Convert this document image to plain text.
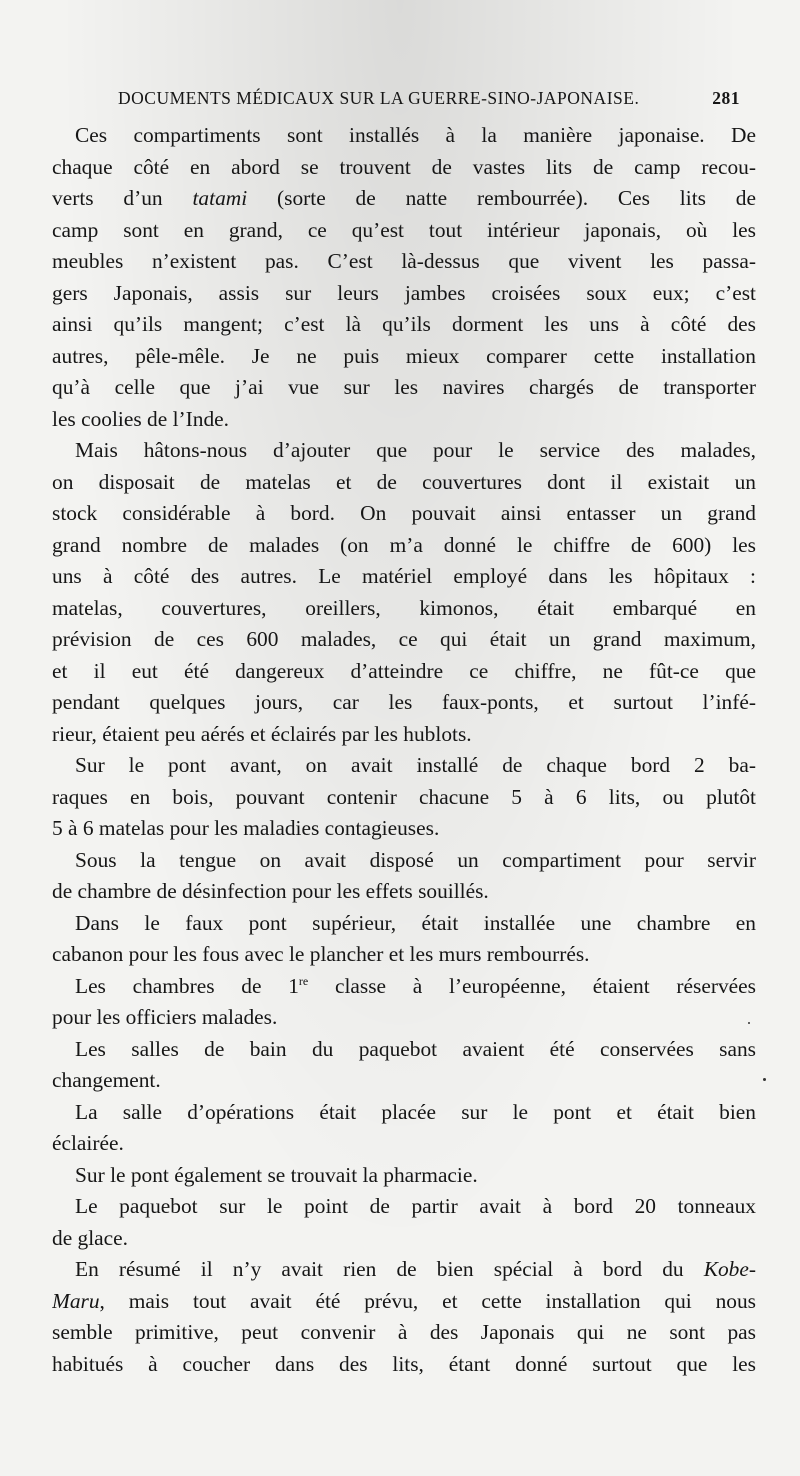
DOCUMENTS MÉDICAUX SUR LA GUERRE-SINO-JAPONAISE.	281
Ces compartiments sont installés à la manière japonaise. De
chaque côté en abord se trouvent de vastes lits de camp recou-
verts d’un tatami (sorte de natte rembourrée). Ces lits de
camp sont en grand, ce qu’est tout intérieur japonais, où les
meubles n’existent pas. C’est là-dessus que vivent les passa-
gers Japonais, assis sur leurs jambes croisées soux eux; c’est
ainsi qu’ils mangent; c’est là qu’ils dorment les uns à côté des
autres, pêle-mêle. Je ne puis mieux comparer cette installation
qu’à celle que j’ai vue sur les navires chargés de transporter
les coolies de l’Inde.
Mais hâtons-nous d’ajouter que pour le service des malades,
on disposait de matelas et de couvertures dont il existait un
stock considérable à bord. On pouvait ainsi entasser un grand
grand nombre de malades (on m’a donné le chiffre de 600) les
uns à côté des autres. Le matériel employé dans les hôpitaux :
matelas, couvertures, oreillers, kimonos, était embarqué en
prévision de ces 600 malades, ce qui était un grand maximum,
et il eut été dangereux d’atteindre ce chiffre, ne fût-ce que
pendant quelques jours, car les faux-ponts, et surtout l’infé-
rieur, étaient peu aérés et éclairés par les hublots.
Sur le pont avant, on avait installé de chaque bord 2 ba-
raques en bois, pouvant contenir chacune 5 à 6 lits, ou plutôt
5 à 6 matelas pour les maladies contagieuses.
Sous la tengue on avait disposé un compartiment pour servir
de chambre de désinfection pour les effets souillés.
Dans le faux pont supérieur, était installée une chambre en
cabanon pour les fous avec le plancher et les murs rembourrés.
Les chambres de 1re classe à l’européenne, étaient réservées
pour les officiers malades.
Les salles de bain du paquebot avaient été conservées sans
changement.
La salle d’opérations était placée sur le pont et était bien
éclairée.
Sur le pont également se trouvait la pharmacie.
Le paquebot sur le point de partir avait à bord 20 tonneaux
de glace.
En résumé il n’y avait rien de bien spécial à bord du Kobe-
Maru, mais tout avait été prévu, et cette installation qui nous
semble primitive, peut convenir à des Japonais qui ne sont pas
habitués à coucher dans des lits, étant donné surtout que les
